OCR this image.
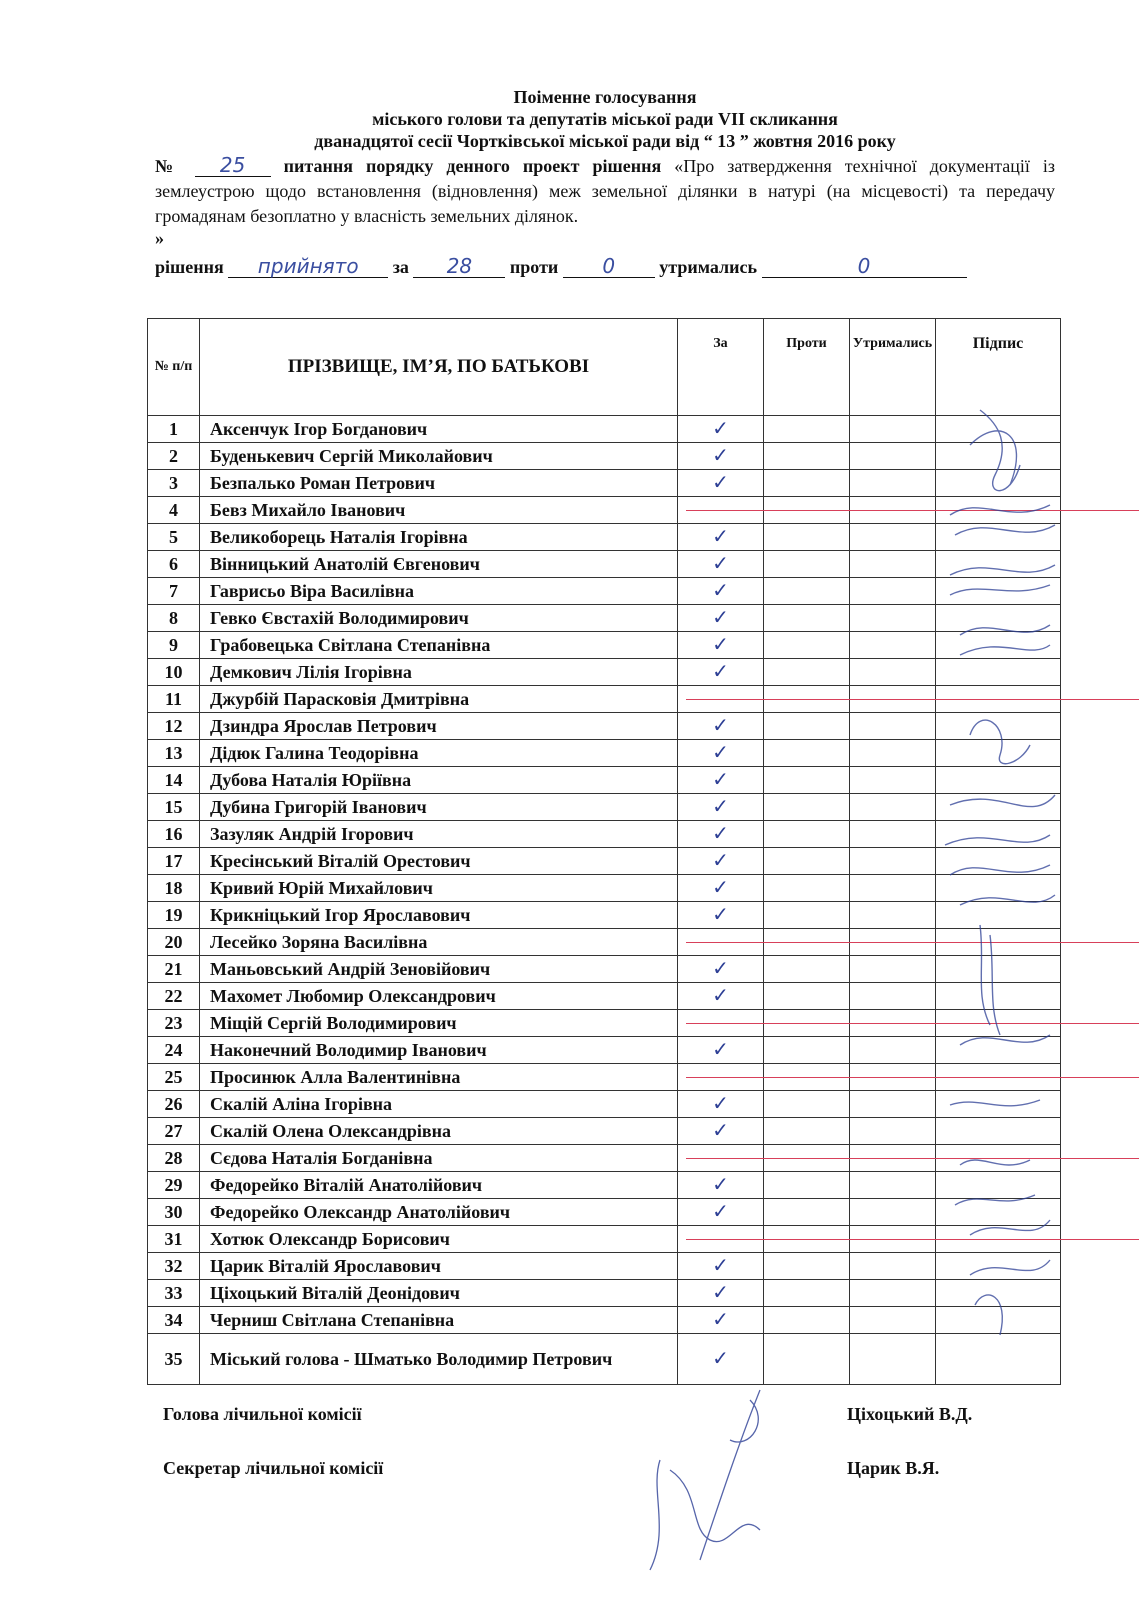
Поіменне голосування
міського голови та депутатів міської ради VII скликання
дванадцятої сесії Чортківської міської ради від “ 13 ” жовтня 2016 року
№ 25 питання порядку денного проект рішення «Про затвердження технічної документації із землеустрою щодо встановлення (відновлення) меж земельної ділянки в натурі (на місцевості) та передачу громадянам безоплатно у власність земельних ділянок.
»
рішення прийнято за 28 проти 0 утримались	0
№ п/п	ПРІЗВИЩЕ, ІМ’Я, ПО БАТЬКОВІ	За	Проти	Утримались	Підпис
1	Аксенчук Ігор Богданович	✓			
2	Буденькевич Сергій Миколайович	✓			
3	Безпалько Роман Петрович	✓			
4	Бевз Михайло Іванович	

5	Великоборець Наталія Ігорівна	✓			
6	Вінницький Анатолій Євгенович	✓			
7	Гаврисьо Віра Василівна	✓			
8	Гевко Євстахій Володимирович	✓			
9	Грабовецька Світлана Степанівна	✓			
10	Демкович Лілія Ігорівна	✓			
11	Джурбій Парасковія Дмитрівна	

12	Дзиндра Ярослав Петрович	✓			
13	Дідюк Галина Теодорівна	✓			
14	Дубова Наталія Юріївна	✓			
15	Дубина Григорій Іванович	✓			
16	Зазуляк Андрій Ігорович	✓			
17	Кресінський Віталій Орестович	✓			
18	Кривий Юрій Михайлович	✓			
19	Крикніцький Ігор Ярославович	✓			
20	Лесейко Зоряна Василівна	

21	Маньовський Андрій Зеновійович	✓			
22	Махомет Любомир Олександрович	✓			
23	Міщій Сергій Володимирович	

24	Наконечний Володимир Іванович	✓			
25	Просинюк Алла Валентинівна	

26	Скалій Аліна Ігорівна	✓			
27	Скалій Олена Олександрівна	✓			
28	Сєдова Наталія Богданівна	

29	Федорейко Віталій Анатолійович	✓			
30	Федорейко Олександр Анатолійович	✓			
31	Хотюк Олександр Борисович	

32	Царик Віталій Ярославович	✓			
33	Ціхоцький Віталій Деонідович	✓			
34	Черниш Світлана Степанівна	✓			
35	Міський голова - Шматько Володимир Петрович	✓			
Голова лічильної комісії	Ціхоцький В.Д.
Секретар лічильної комісії	Царик В.Я.
